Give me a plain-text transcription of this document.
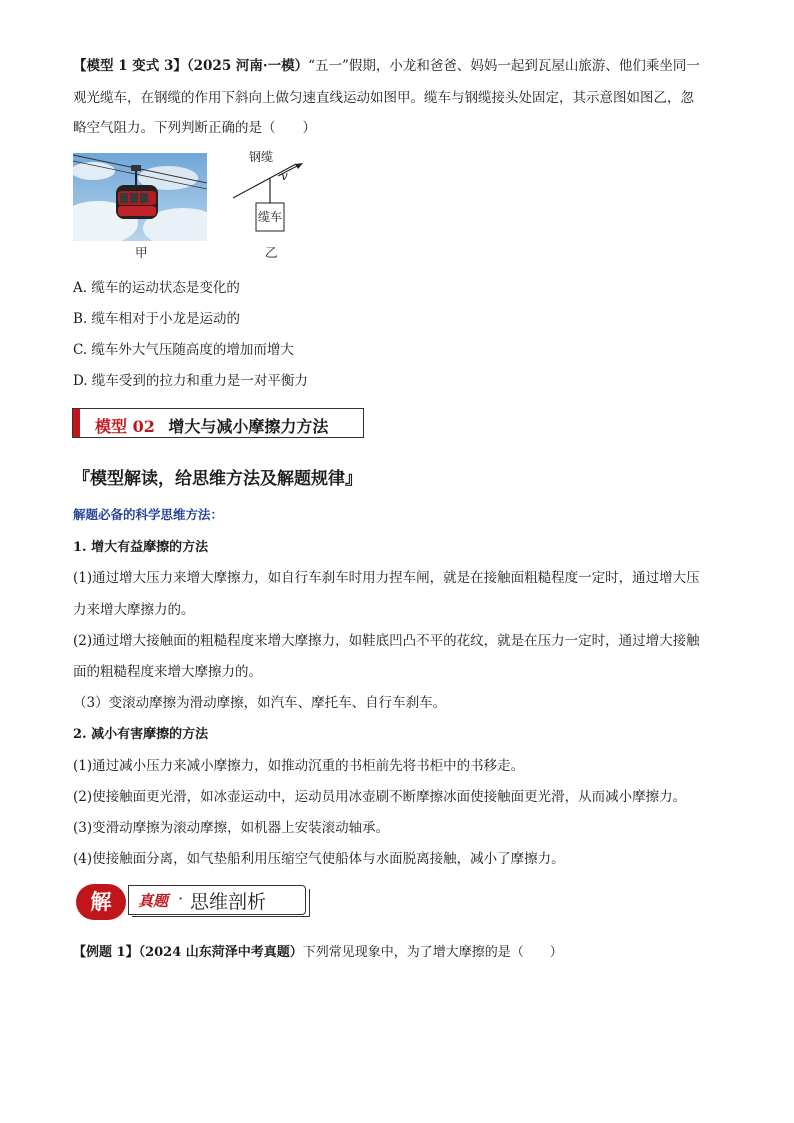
【模型 1 变式 3】（2025 河南·一模）“五一”假期，小龙和爸爸、妈妈一起到瓦屋山旅游、他们乘坐同一
观光缆车，在钢缆的作用下斜向上做匀速直线运动如图甲。缆车与钢缆接头处固定，其示意图如图乙，忽
略空气阻力。下列判断正确的是（　　）
甲
钢缆
v
缆车
乙
A. 缆车的运动状态是变化的
B. 缆车相对于小龙是运动的
C. 缆车外大气压随高度的增加而增大
D. 缆车受到的拉力和重力是一对平衡力
模型 02 增大与减小摩擦力方法
『模型解读，给思维方法及解题规律』
解题必备的科学思维方法：
1. 增大有益摩擦的方法
(1)通过增大压力来增大摩擦力，如自行车刹车时用力捏车闸，就是在接触面粗糙程度一定时，通过增大压
力来增大摩擦力的。
(2)通过增大接触面的粗糙程度来增大摩擦力，如鞋底凹凸不平的花纹，就是在压力一定时，通过增大接触
面的粗糙程度来增大摩擦力的。
（3）变滚动摩擦为滑动摩擦，如汽车、摩托车、自行车刹车。
2. 减小有害摩擦的方法
(1)通过减小压力来减小摩擦力，如推动沉重的书柜前先将书柜中的书移走。
(2)使接触面更光滑，如冰壶运动中，运动员用冰壶刷不断摩擦冰面使接触面更光滑，从而减小摩擦力。
(3)变滑动摩擦为滚动摩擦，如机器上安装滚动轴承。
(4)使接触面分离，如气垫船利用压缩空气使船体与水面脱离接触，减小了摩擦力。
真题 · 思维剖析
解
【例题 1】（2024 山东菏泽中考真题）下列常见现象中，为了增大摩擦的是（　　）
